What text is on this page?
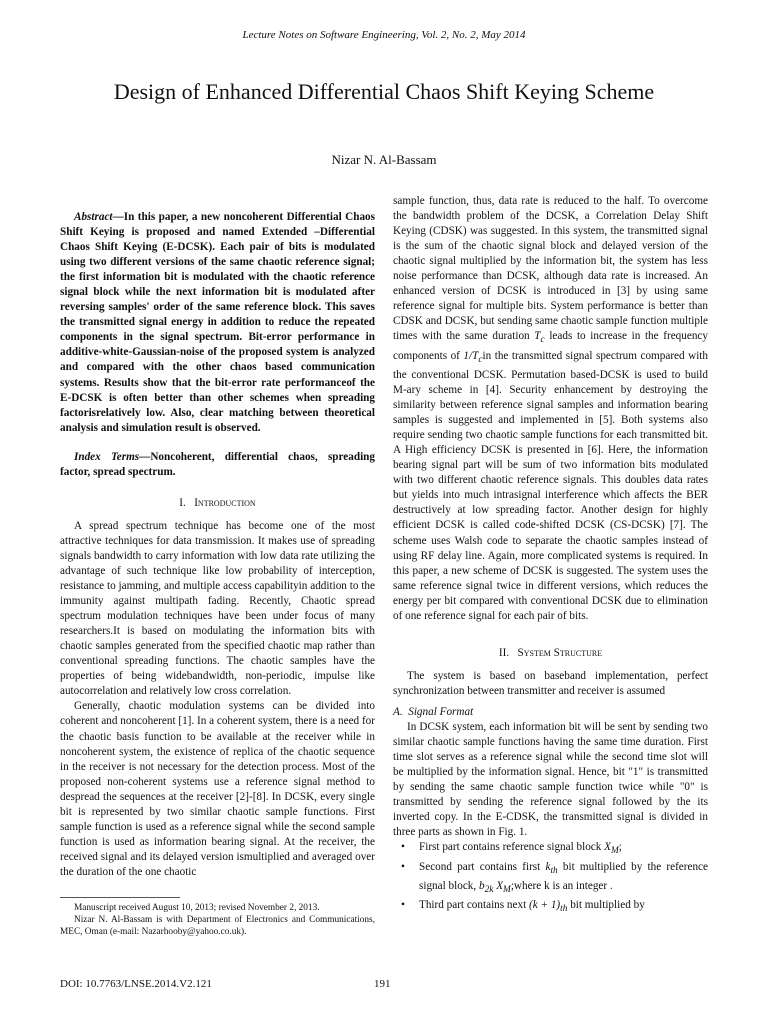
Lecture Notes on Software Engineering, Vol. 2, No. 2, May 2014
Design of Enhanced Differential Chaos Shift Keying Scheme
Nizar N. Al-Bassam

Abstract—In this paper, a new noncoherent Differential Chaos Shift Keying is proposed and named Extended –Differential Chaos Shift Keying (E-DCSK). Each pair of bits is modulated using two different versions of the same chaotic reference signal; the first information bit is modulated with the chaotic reference signal block while the next information bit is modulated after reversing samples' order of the same reference block. This saves the transmitted signal energy in addition to reduce the repeated components in the signal spectrum. Bit-error performance in additive-white-Gaussian-noise of the proposed system is analyzed and compared with the other chaos based communication systems. Results show that the bit-error rate performanceof the E-DCSK is often better than other schemes when spreading factorisrelatively low. Also, clear matching between theoretical analysis and simulation result is observed.

Index Terms—Noncoherent, differential chaos, spreading factor, spread spectrum.

I. Introduction

A spread spectrum technique has become one of the most attractive techniques for data transmission. It makes use of spreading signals bandwidth to carry information with low data rate utilizing the advantage of such technique like low probability of interception, resistance to jamming, and multiple access capabilityin addition to the immunity against multipath fading. Recently, Chaotic spread spectrum modulation techniques have been under focus of many researchers.It is based on modulating the information bits with chaotic samples generated from the specified chaotic map rather than conventional spreading functions. The chaotic samples have the properties of being widebandwidth, non-periodic, impulse like autocorrelation and relatively low cross correlation.

Generally, chaotic modulation systems can be divided into coherent and noncoherent [1]. In a coherent system, there is a need for the chaotic basis function to be available at the receiver while in noncoherent system, the existence of replica of the chaotic sequence in the receiver is not necessary for the detection process. Most of the proposed non-coherent systems use a reference signal method to despread the sequences at the receiver [2]-[8]. In DCSK, every single bit is represented by two similar chaotic sample functions. First sample function is used as a reference signal while the second sample function is used as information bearing signal. At the receiver, the received signal and its delayed version ismultiplied and averaged over the duration of the one chaotic

sample function, thus, data rate is reduced to the half. To overcome the bandwidth problem of the DCSK, a Correlation Delay Shift Keying (CDSK) was suggested. In this system, the transmitted signal is the sum of the chaotic signal block and delayed version of the chaotic signal multiplied by the information bit, the system has less noise performance than DCSK, although data rate is increased. An enhanced version of DCSK is introduced in [3] by using same reference signal for multiple bits. System performance is better than CDSK and DCSK, but sending same chaotic sample function multiple times with the same duration $T_c$ leads to increase in the frequency components of $1/T_cin$ the transmitted signal spectrum compared with the conventional DCSK. Permutation based-DCSK is used to build M-ary scheme in [4]. Security enhancement by destroying the similarity between reference signal samples and information bearing samples is suggested and implemented in [5]. Both systems also require sending two chaotic sample functions for each transmitted bit. A High efficiency DCSK is presented in [6]. Here, the information bearing signal part will be sum of two information bits modulated with two different chaotic reference signals. This doubles data rates but yields into much intrasignal interference which affects the BER destructively at low spreading factor. Another design for highly efficient DCSK is called code-shifted DCSK (CS-DCSK) [7]. The scheme uses Walsh code to separate the chaotic samples instead of using RF delay line. Again, more complicated systems is required. In this paper, a new scheme of DCSK is suggested. The system uses the same reference signal twice in different versions, which reduces the energy per bit compared with conventional DCSK due to elimination of one reference signal for each pair of bits.

II. System Structure

The system is based on baseband implementation, perfect synchronization between transmitter and receiver is assumed

A. Signal Format

In DCSK system, each information bit will be sent by sending two similar chaotic sample functions having the same time duration. First time slot serves as a reference signal while the second time slot will be multiplied by the information signal. Hence, bit "1" is transmitted by sending the same chaotic sample function twice while "0" is transmitted by sending the reference signal followed by the its inverted copy. In the E-CDSK, the transmitted signal is divided in three parts as shown in Fig. 1.

• First part contains reference signal block $X_M$;
• Second part contains first $k_{th}$ bit multiplied by the reference signal block, $b_{2k}$ $X_M;where$ k is an integer .
• Third part contains next $(k + 1)_{th}$ bit multiplied by

Manuscript received August 10, 2013; revised November 2, 2013.

Nizar N. Al-Bassam is with Department of Electronics and Communications, MEC, Oman (e-mail: Nazarhooby@yahoo.co.uk).

DOI: 10.7763/LNSE.2014.V2.121	191
